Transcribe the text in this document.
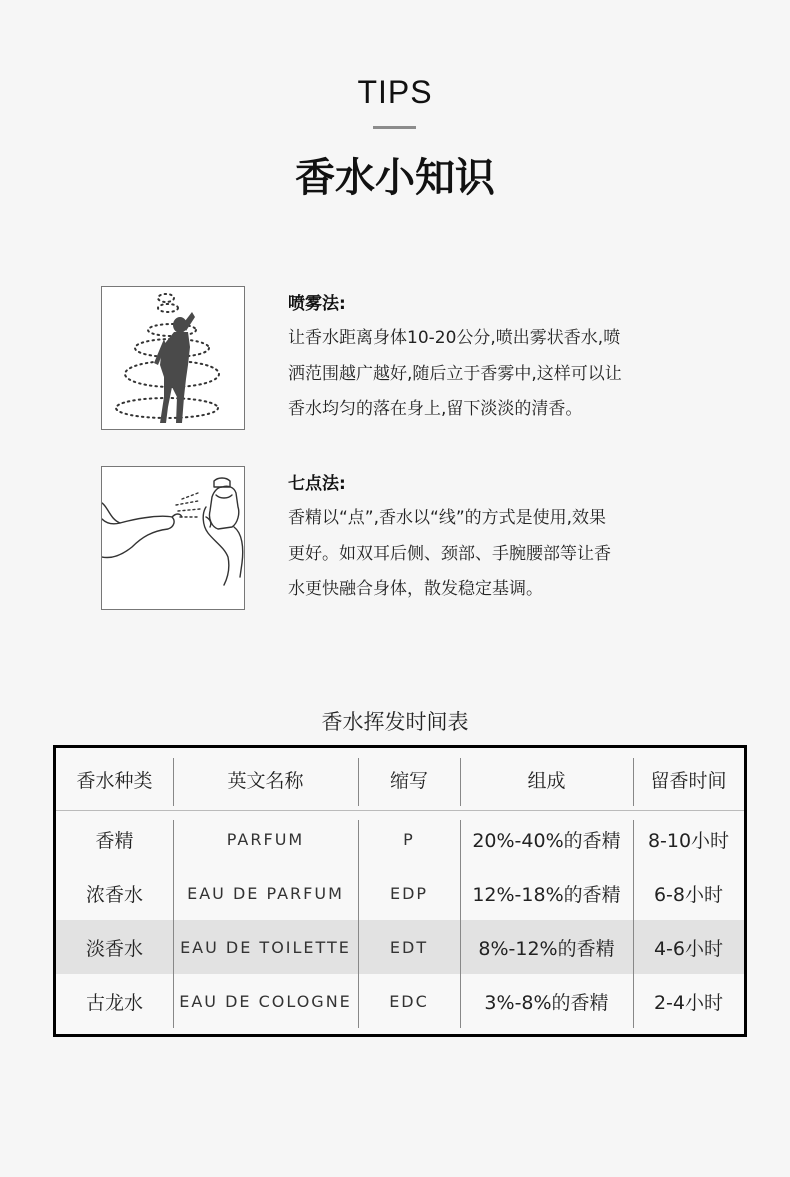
TIPS
香水小知识
喷雾法:
让香水距离身体10-20公分,喷出雾状香水,喷
洒范围越广越好,随后立于香雾中,这样可以让
香水均匀的落在身上,留下淡淡的清香。
七点法:
香精以“点”,香水以“线”的方式是使用,效果
更好。如双耳后侧、颈部、手腕腰部等让香
水更快融合身体，散发稳定基调。
香水挥发时间表
香水种类	英文名称	缩写	组成	留香时间
香精	PARFUM	P	20%-40%的香精	8-10小时
浓香水	EAU DE PARFUM	EDP	12%-18%的香精	6-8小时
淡香水	EAU DE TOILETTE	EDT	8%-12%的香精	4-6小时
古龙水	EAU DE COLOGNE	EDC	3%-8%的香精	2-4小时
